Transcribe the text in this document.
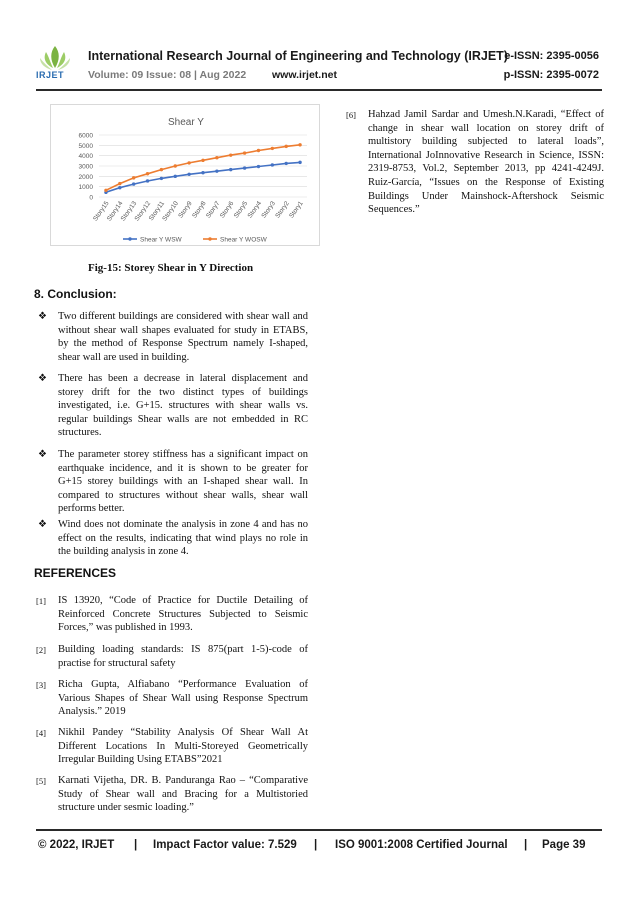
IRJET
International Research Journal of Engineering and Technology (IRJET)
e-ISSN: 2395-0056
Volume: 09 Issue: 08 | Aug 2022 www.irjet.net	p-ISSN: 2395-0072
Shear Y
0
1000
2000
3000
4000
5000
6000
Story15
Story14
Story13
Story12
Story11
Story10
Story9
Story8
Story7
Story6
Story5
Story4
Story3
Story2
Story1
Shear Y WSW	Shear Y WOSW
Fig-15: Storey Shear in Y Direction
8. Conclusion:
❖ Two different buildings are considered with shear wall and without shear wall shapes evaluated for study in ETABS, by the method of Response Spectrum namely I-shaped, shear wall are used in building.
❖ There has been a decrease in lateral displacement and storey drift for the two distinct types of buildings investigated, i.e. G+15. structures with shear walls vs. regular buildings Shear walls are not embedded in RC structures.
❖ The parameter storey stiffness has a significant impact on earthquake incidence, and it is shown to be greater for G+15 storey buildings with an I-shaped shear wall. In compared to structures without shear walls, shear wall performs better.
❖ Wind does not dominate the analysis in zone 4 and has no effect on the results, indicating that wind plays no role in the building analysis in zone 4.
REFERENCES
[1] IS 13920, “Code of Practice for Ductile Detailing of Reinforced Concrete Structures Subjected to Seismic Forces,” was published in 1993.
[2] Building loading standards: IS 875(part 1-5)-code of practise for structural safety
[3] Richa Gupta, Alfiabano “Performance Evaluation of Various Shapes of Shear Wall using Response Spectrum Analysis.” 2019
[4] Nikhil Pandey “Stability Analysis Of Shear Wall At Different Locations In Multi-Storeyed Geometrically Irregular Building Using ETABS”2021
[5] Karnati Vijetha, DR. B. Panduranga Rao – “Comparative Study of Shear wall and Bracing for a Multistoried structure under sesmic loading.”
[6] Hahzad Jamil Sardar and Umesh.N.Karadi, “Effect of change in shear wall location on storey drift of multistory building subjected to lateral loads”, International JoInnovative Research in Science, ISSN: 2319-8753, Vol.2, September 2013, pp 4241-4249J. Ruiz-García, “Issues on the Response of Existing Buildings Under Mainshock-Aftershock Seismic Sequences.”
© 2022, IRJET | Impact Factor value: 7.529 | ISO 9001:2008 Certified Journal | Page 39
